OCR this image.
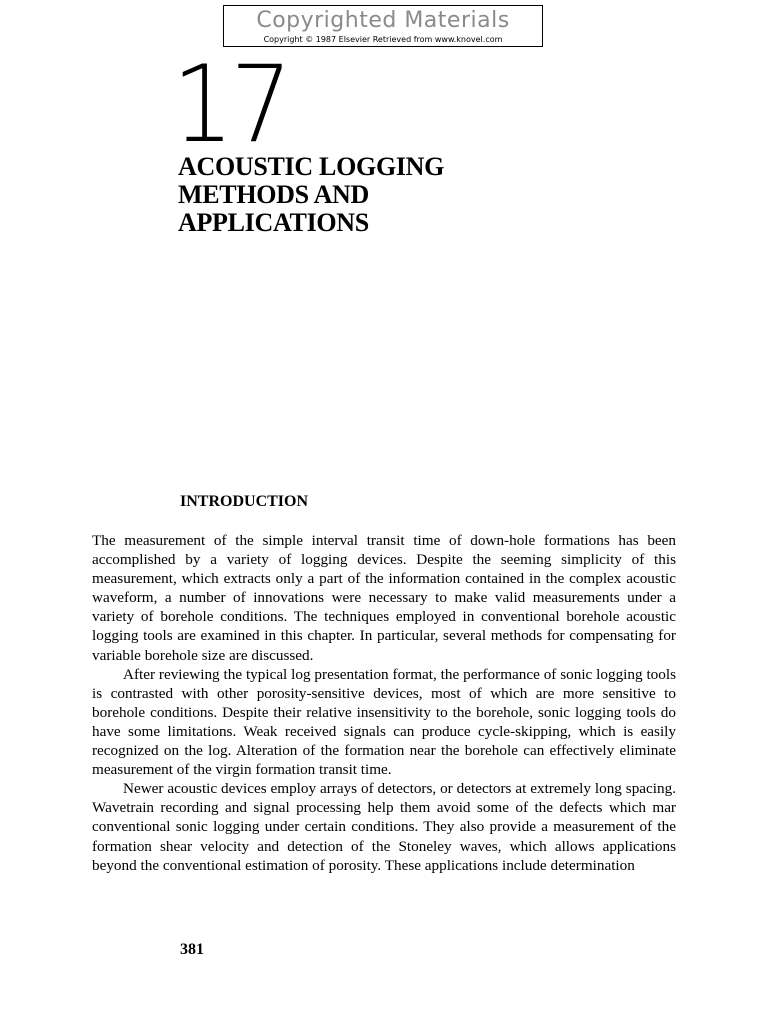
Copyrighted Materials
Copyright © 1987 Elsevier Retrieved from www.knovel.com
17
ACOUSTIC LOGGING
METHODS AND
APPLICATIONS
INTRODUCTION

The measurement of the simple interval transit time of down-hole formations has been accomplished by a variety of logging devices. Despite the seeming simplicity of this measurement, which extracts only a part of the information contained in the complex acoustic waveform, a number of innovations were necessary to make valid measurements under a variety of borehole conditions. The techniques employed in conventional borehole acoustic logging tools are examined in this chapter. In particular, several methods for compensating for variable borehole size are discussed.

After reviewing the typical log presentation format, the performance of sonic logging tools is contrasted with other porosity-sensitive devices, most of which are more sensitive to borehole conditions. Despite their relative insensitivity to the borehole, sonic logging tools do have some limitations. Weak received signals can produce cycle-skipping, which is easily recognized on the log. Alteration of the formation near the borehole can effectively eliminate measurement of the virgin formation transit time.

Newer acoustic devices employ arrays of detectors, or detectors at extremely long spacing. Wavetrain recording and signal processing help them avoid some of the defects which mar conventional sonic logging under certain conditions. They also provide a measurement of the formation shear velocity and detection of the Stoneley waves, which allows applications beyond the conventional estimation of porosity. These applications include determination

381
